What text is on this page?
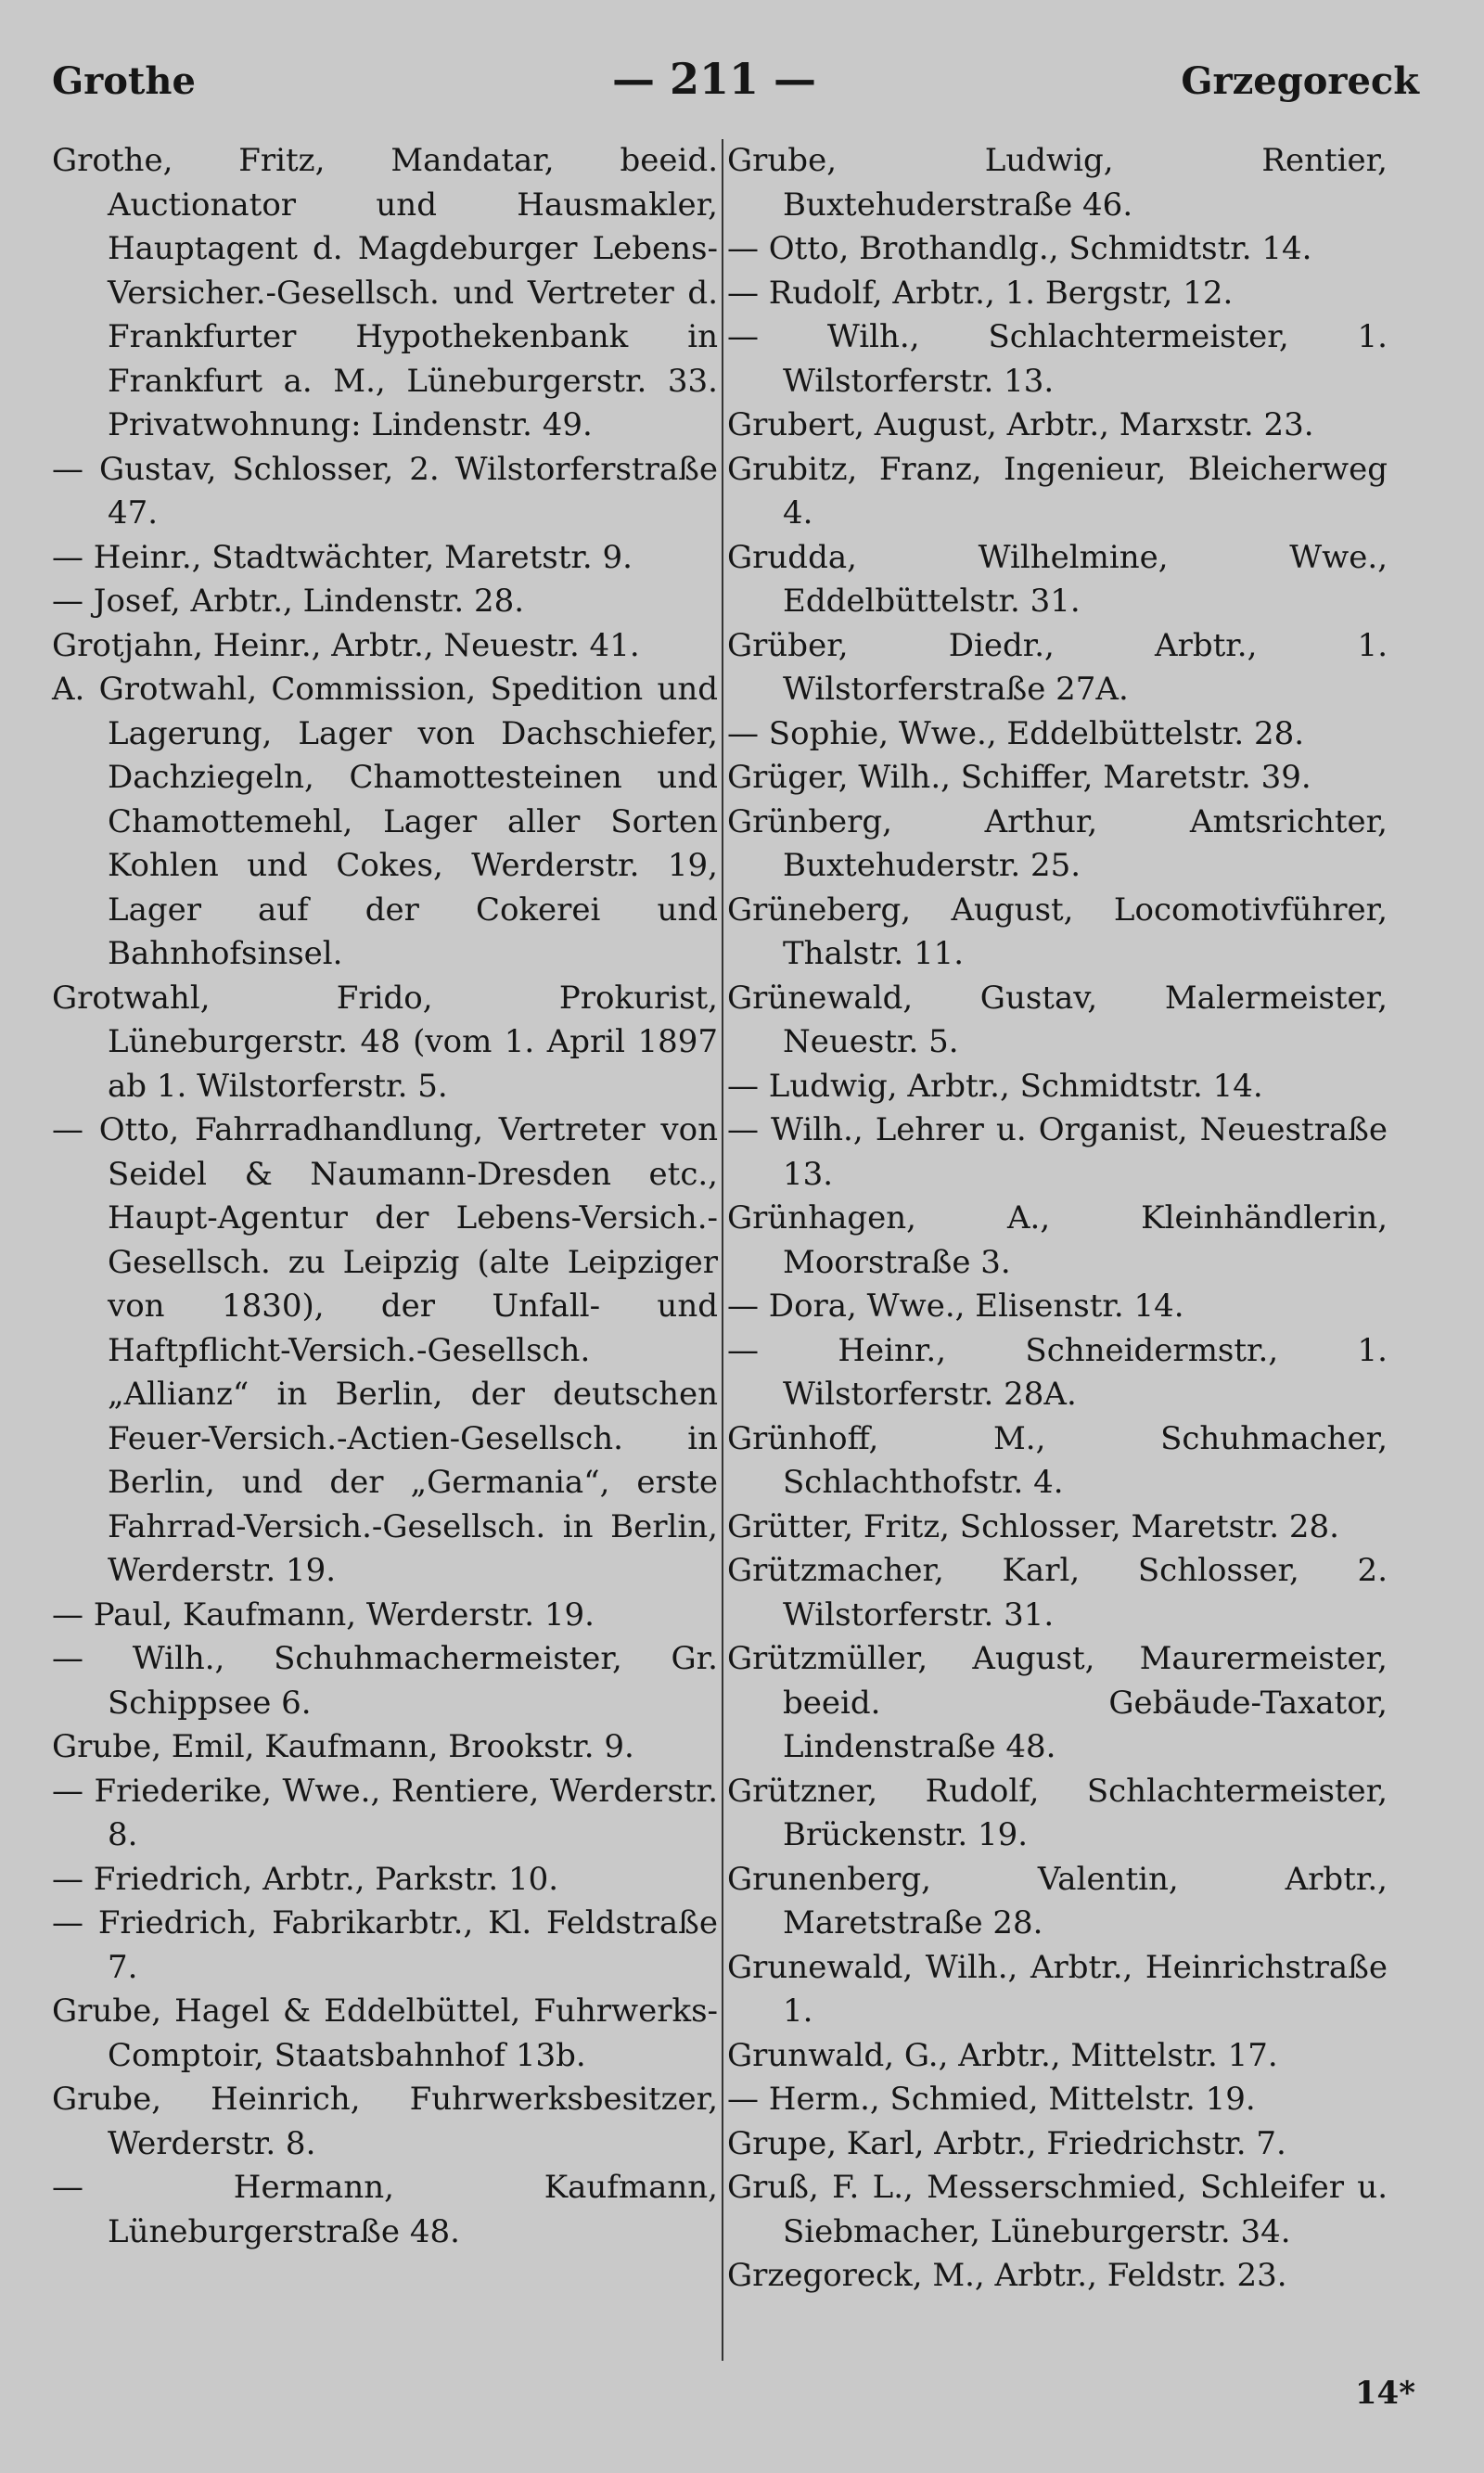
Grothe	— 211 —	Grzegoreck

Grothe, Fritz, Mandatar, beeid. Auctionator und Hausmakler, Hauptagent d. Magdeburger Lebens-Versicher.-Gesellsch. und Vertreter d. Frankfurter Hypothekenbank in Frankfurt a. M., Lüneburgerstr. 33. Privatwohnung: Lindenstr. 49.

— Gustav, Schlosser, 2. Wilstorferstraße 47.

— Heinr., Stadtwächter, Maretstr. 9.

— Josef, Arbtr., Lindenstr. 28.

Grotjahn, Heinr., Arbtr., Neuestr. 41.

A. Grotwahl, Commission, Spedition und Lagerung, Lager von Dachschiefer, Dachziegeln, Chamottesteinen und Chamottemehl, Lager aller Sorten Kohlen und Cokes, Werderstr. 19, Lager auf der Cokerei und Bahnhofsinsel.

Grotwahl, Frido, Prokurist, Lüneburgerstr. 48 (vom 1. April 1897 ab 1. Wilstorferstr. 5.

— Otto, Fahrradhandlung, Vertreter von Seidel & Naumann-Dresden etc., Haupt-Agentur der Lebens-Versich.-Gesellsch. zu Leipzig (alte Leipziger von 1830), der Unfall- und Haftpflicht-Versich.-Gesellsch. „Allianz“ in Berlin, der deutschen Feuer-Versich.-Actien-Gesellsch. in Berlin, und der „Germania“, erste Fahrrad-Versich.-Gesellsch. in Berlin, Werderstr. 19.

— Paul, Kaufmann, Werderstr. 19.

— Wilh., Schuhmachermeister, Gr. Schippsee 6.

Grube, Emil, Kaufmann, Brookstr. 9.

— Friederike, Wwe., Rentiere, Werderstr. 8.

— Friedrich, Arbtr., Parkstr. 10.

— Friedrich, Fabrikarbtr., Kl. Feldstraße 7.

Grube, Hagel & Eddelbüttel, Fuhrwerks-Comptoir, Staatsbahnhof 13b.

Grube, Heinrich, Fuhrwerksbesitzer, Werderstr. 8.

— Hermann, Kaufmann, Lüneburgerstraße 48.

Grube, Ludwig, Rentier, Buxtehuderstraße 46.

— Otto, Brothandlg., Schmidtstr. 14.

— Rudolf, Arbtr., 1. Bergstr, 12.

— Wilh., Schlachtermeister, 1. Wilstorferstr. 13.

Grubert, August, Arbtr., Marxstr. 23.

Grubitz, Franz, Ingenieur, Bleicherweg 4.

Grudda, Wilhelmine, Wwe., Eddelbüttelstr. 31.

Grüber, Diedr., Arbtr., 1. Wilstorferstraße 27A.

— Sophie, Wwe., Eddelbüttelstr. 28.

Grüger, Wilh., Schiffer, Maretstr. 39.

Grünberg, Arthur, Amtsrichter, Buxtehuderstr. 25.

Grüneberg, August, Locomotivführer, Thalstr. 11.

Grünewald, Gustav, Malermeister, Neuestr. 5.

— Ludwig, Arbtr., Schmidtstr. 14.

— Wilh., Lehrer u. Organist, Neuestraße 13.

Grünhagen, A., Kleinhändlerin, Moorstraße 3.

— Dora, Wwe., Elisenstr. 14.

— Heinr., Schneidermstr., 1. Wilstorferstr. 28A.

Grünhoff, M., Schuhmacher, Schlachthofstr. 4.

Grütter, Fritz, Schlosser, Maretstr. 28.

Grützmacher, Karl, Schlosser, 2. Wilstorferstr. 31.

Grützmüller, August, Maurermeister, beeid. Gebäude-Taxator, Lindenstraße 48.

Grützner, Rudolf, Schlachtermeister, Brückenstr. 19.

Grunenberg, Valentin, Arbtr., Maretstraße 28.

Grunewald, Wilh., Arbtr., Heinrichstraße 1.

Grunwald, G., Arbtr., Mittelstr. 17.

— Herm., Schmied, Mittelstr. 19.

Grupe, Karl, Arbtr., Friedrichstr. 7.

Gruß, F. L., Messerschmied, Schleifer u. Siebmacher, Lüneburgerstr. 34.

Grzegoreck, M., Arbtr., Feldstr. 23.

14*
